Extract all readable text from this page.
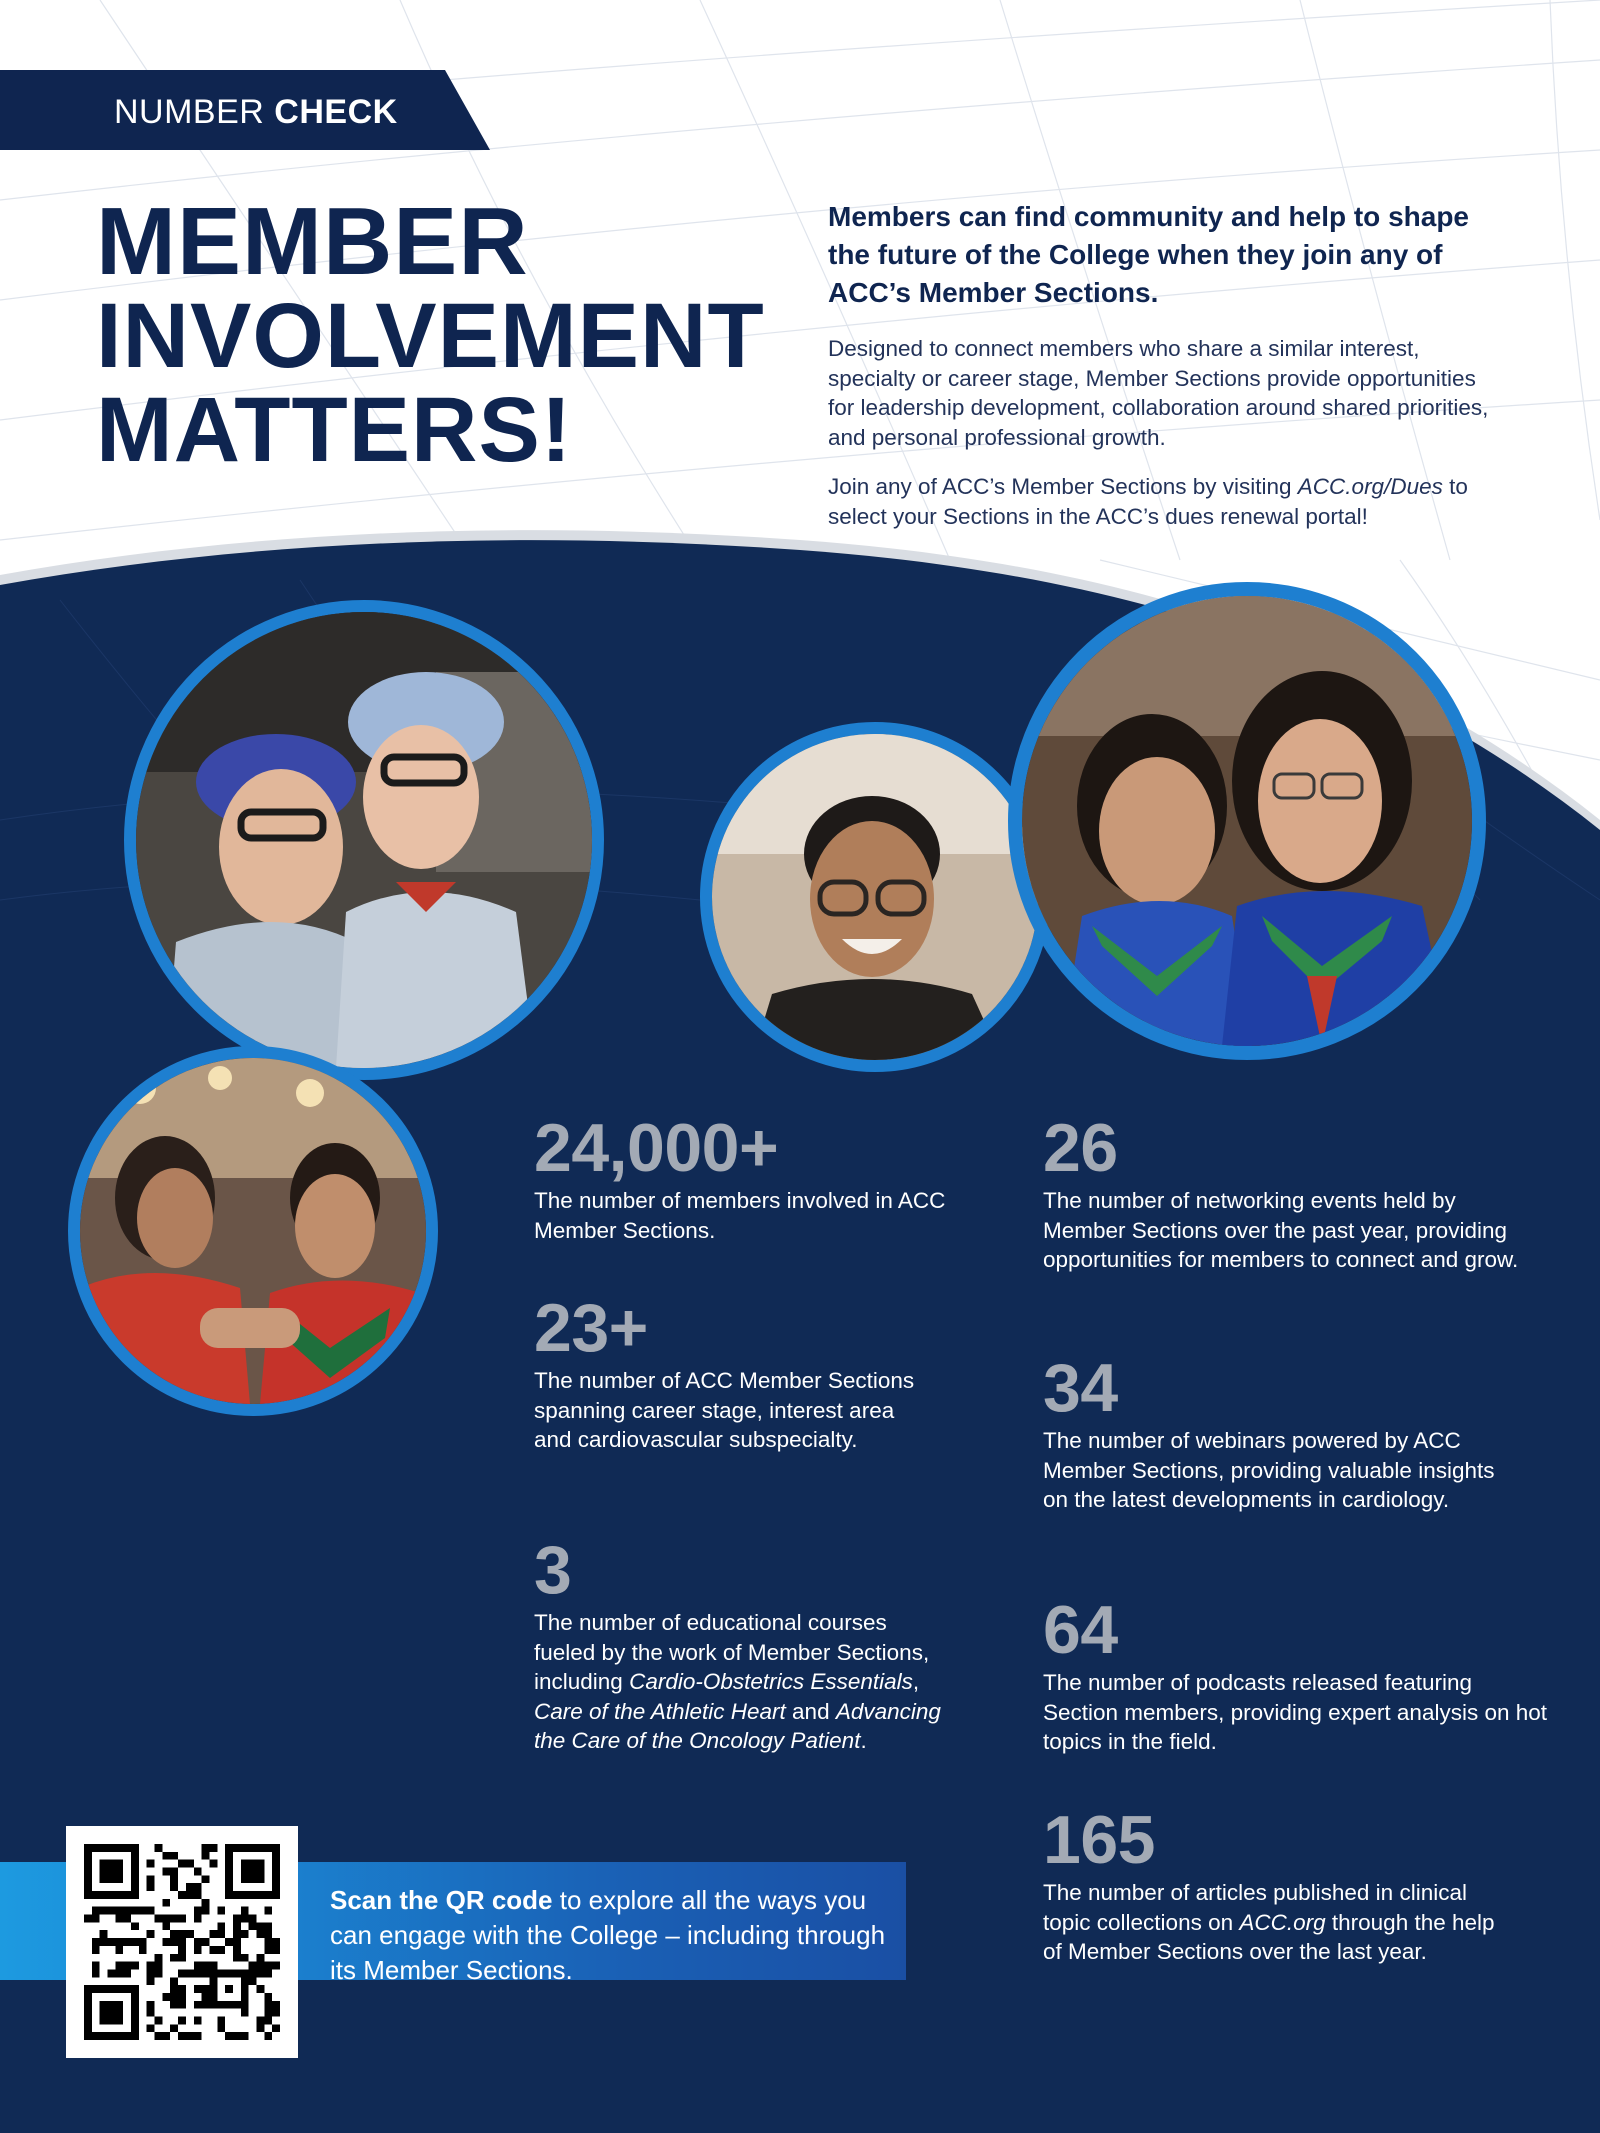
NUMBER CHECK
MEMBER
INVOLVEMENT
MATTERS!
Members can find community and help to shape the future of the College when they join any of ACC’s Member Sections.
Designed to connect members who share a similar interest, specialty or career stage, Member Sections provide opportunities for leadership development, collaboration around shared priorities, and personal professional growth.
Join any of ACC’s Member Sections by visiting ACC.org/Dues to select your Sections in the ACC’s dues renewal portal!
24,000+
The number of members involved in ACC Member Sections.
23+
The number of ACC Member Sections spanning career stage, interest area and cardiovascular subspecialty.
3
The number of educational courses fueled by the work of Member Sections, including Cardio-Obstetrics Essentials, Care of the Athletic Heart and Advancing the Care of the Oncology Patient.
26
The number of networking events held by Member Sections over the past year, providing opportunities for members to connect and grow.
34
The number of webinars powered by ACC Member Sections, providing valuable insights on the latest developments in cardiology.
64
The number of podcasts released featuring Section members, providing expert analysis on hot topics in the field.
165
The number of articles published in clinical topic collections on ACC.org through the help of Member Sections over the last year.
Scan the QR code to explore all the ways you can engage with the College – including through its Member Sections.
